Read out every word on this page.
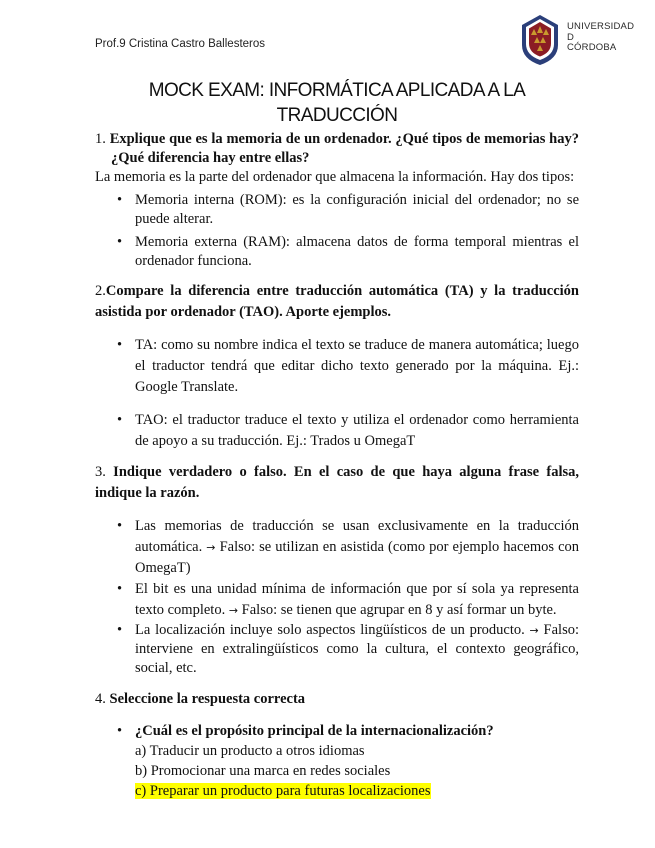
Prof.9 Cristina Castro Ballesteros
UNIVERSIDAD
D
CÓRDOBA
MOCK EXAM: INFORMÁTICA APLICADA A LA
TRADUCCIÓN

1. Explique que es la memoria de un ordenador. ¿Qué tipos de memorias hay? ¿Qué diferencia hay entre ellas?

La memoria es la parte del ordenador que almacena la información. Hay dos tipos:

• Memoria interna (ROM): es la configuración inicial del ordenador; no se puede alterar.
• Memoria externa (RAM): almacena datos de forma temporal mientras el ordenador funciona.

2.Compare la diferencia entre traducción automática (TA) y la traducción asistida por ordenador (TAO). Aporte ejemplos.

• TA: como su nombre indica el texto se traduce de manera automática; luego el traductor tendrá que editar dicho texto generado por la máquina. Ej.: Google Translate.
• TAO: el traductor traduce el texto y utiliza el ordenador como herramienta de apoyo a su traducción. Ej.: Trados u OmegaT

3. Indique verdadero o falso. En el caso de que haya alguna frase falsa, indique la razón.

• Las memorias de traducción se usan exclusivamente en la traducción automática. → Falso: se utilizan en asistida (como por ejemplo hacemos con OmegaT)
• El bit es una unidad mínima de información que por sí sola ya representa texto completo. → Falso: se tienen que agrupar en 8 y así formar un byte.
• La localización incluye solo aspectos lingüísticos de un producto. → Falso: interviene en extralingüísticos como la cultura, el contexto geográfico, social, etc.

4. Seleccione la respuesta correcta

• ¿Cuál es el propósito principal de la internacionalización?
a) Traducir un producto a otros idiomas
b) Promocionar una marca en redes sociales
c) Preparar un producto para futuras localizaciones
